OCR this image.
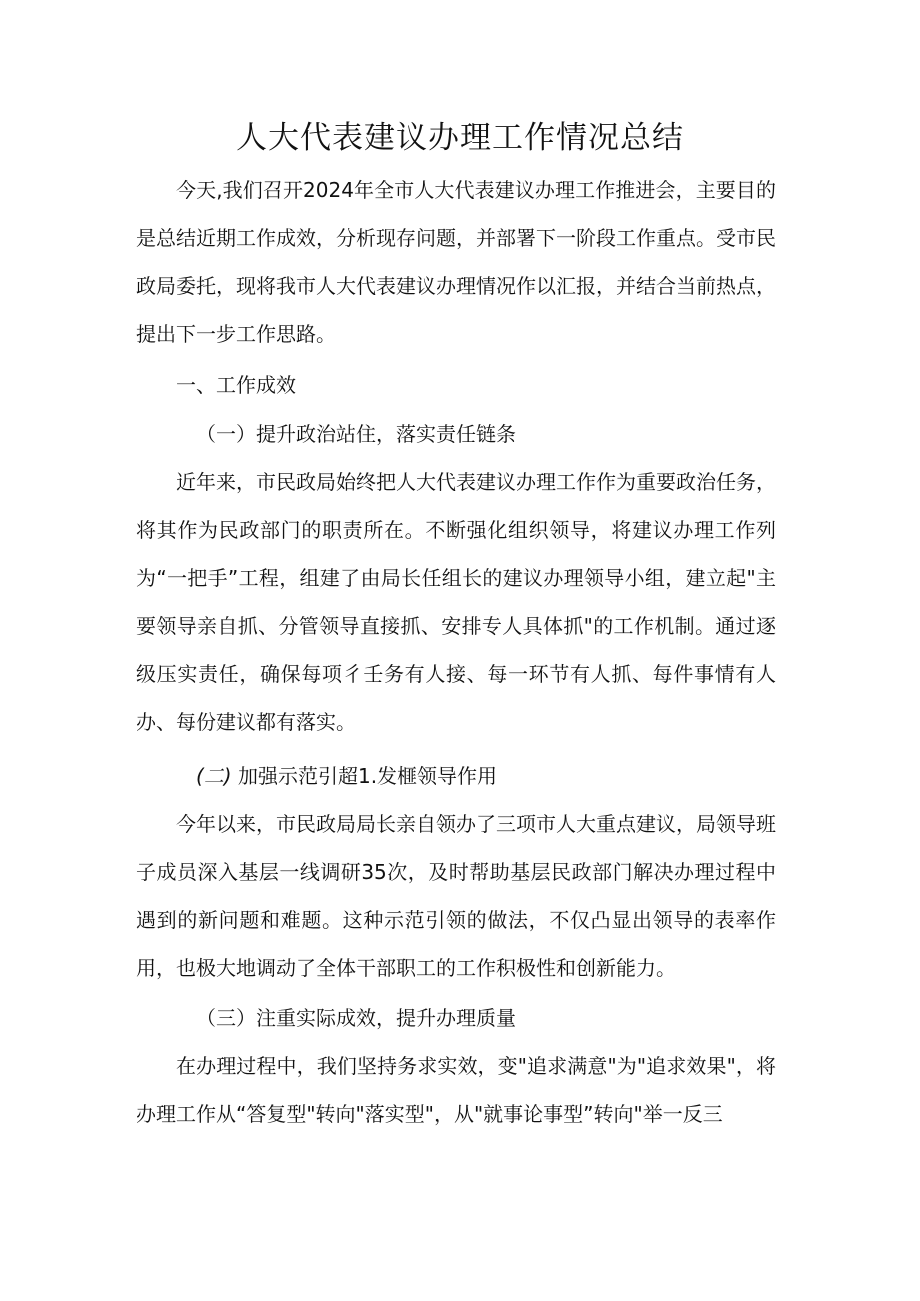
人大代表建议办理工作情况总结

今天,我们召开2024年全市人大代表建议办理工作推进会，主要目的是总结近期工作成效，分析现存问题，并部署下一阶段工作重点。受市民政局委托，现将我市人大代表建议办理情况作以汇报，并结合当前热点，提出下一步工作思路。

一、工作成效
（一）提升政治站住，落实责任链条

近年来，市民政局始终把人大代表建议办理工作作为重要政治任务，将其作为民政部门的职责所在。不断强化组织领导，将建议办理工作列为“一把手”工程，组建了由局长任组长的建议办理领导小组，建立起"主要领导亲自抓、分管领导直接抓、安排专人具体抓"的工作机制。通过逐级压实责任，确保每项彳壬务有人接、每一环节有人抓、每件事情有人办、每份建议都有落实。

(二) 加强示范引超1.发榧领导作用

今年以来，市民政局局长亲自领办了三项市人大重点建议，局领导班子成员深入基层一线调研35次，及时帮助基层民政部门解决办理过程中遇到的新问题和难题。这种示范引领的做法，不仅凸显出领导的表率作用，也极大地调动了全体干部职工的工作积极性和创新能力。

（三）注重实际成效，提升办理质量

在办理过程中，我们坚持务求实效，变"追求满意"为"追求效果"，将办理工作从“答复型"转向"落实型"，从"就事论事型”转向"举一反三
